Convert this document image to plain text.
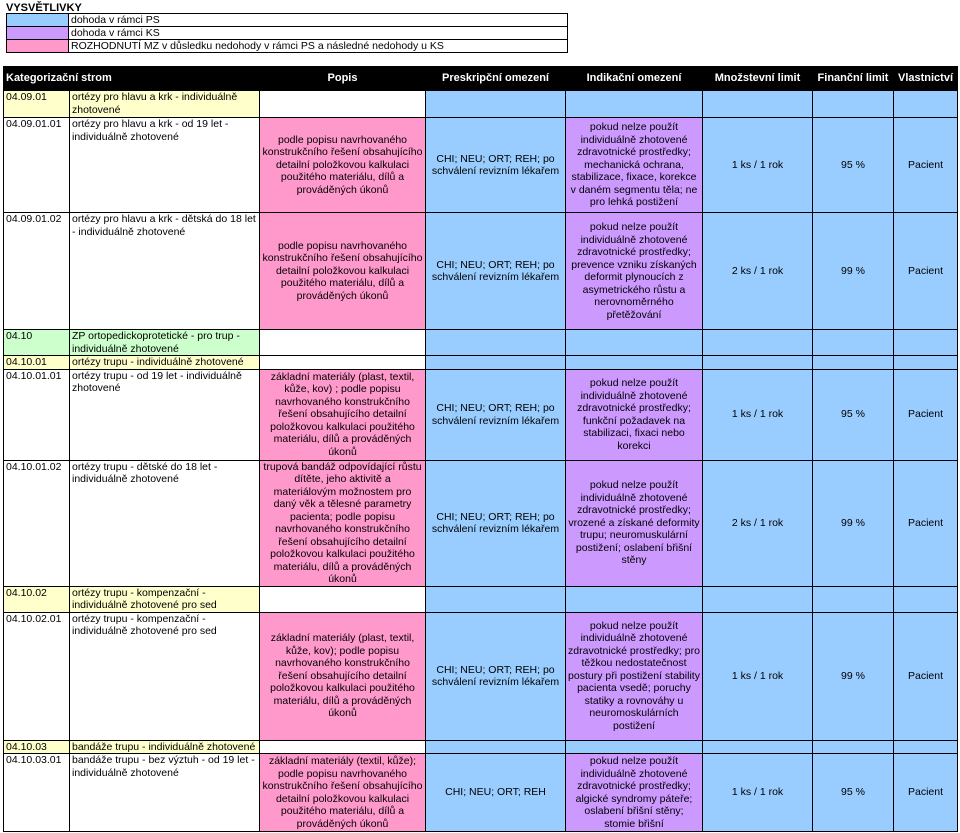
VYSVĚTLIVKY
	dohoda v rámci PS
	dohoda v rámci KS
	ROZHODNUTÍ MZ v důsledku nedohody v rámci PS a následné nedohody u KS
Kategorizační strom		Popis	Preskripční omezení	Indikační omezení	Množstevní limit	Finanční limit	Vlastnictví
04.09.01	ortézy pro hlavu a krk - individuálně zhotovené						
04.09.01.01	ortézy pro hlavu a krk - od 19 let - individuálně zhotovené	podle popisu navrhovaného konstrukčního řešení obsahujícího detailní položkovou kalkulaci použitého materiálu, dílů a prováděných úkonů	CHI; NEU; ORT; REH; po schválení revizním lékařem	pokud nelze použít individuálně zhotovené zdravotnické prostředky; mechanická ochrana, stabilizace, fixace, korekce v daném segmentu těla; ne pro lehká postižení	1 ks / 1 rok	95 %	Pacient
04.09.01.02	ortézy pro hlavu a krk - dětská do 18 let - individuálně zhotovené	podle popisu navrhovaného konstrukčního řešení obsahujícího detailní položkovou kalkulaci použitého materiálu, dílů a prováděných úkonů	CHI; NEU; ORT; REH; po schválení revizním lékařem	pokud nelze použít individuálně zhotovené zdravotnické prostředky; prevence vzniku získaných deformit plynoucích z asymetrického růstu a nerovnoměrného přetěžování	2 ks / 1 rok	99 %	Pacient
04.10	ZP ortopedickoprotetické - pro trup - individuálně zhotovené						
04.10.01	ortézy trupu - individuálně zhotovené						
04.10.01.01	ortézy trupu - od 19 let - individuálně zhotovené	základní materiály (plast, textil, kůže, kov) ; podle popisu navrhovaného konstrukčního řešení obsahujícího detailní položkovou kalkulaci použitého materiálu, dílů a prováděných úkonů	CHI; NEU; ORT; REH; po schválení revizním lékařem	pokud nelze použít individuálně zhotovené zdravotnické prostředky; funkční požadavek na stabilizaci, fixaci nebo korekci	1 ks / 1 rok	95 %	Pacient
04.10.01.02	ortézy trupu - dětské do 18 let - individuálně zhotovené	trupová bandáž odpovídající růstu dítěte, jeho aktivitě a materiálovým možnostem pro daný věk a tělesné parametry pacienta; podle popisu navrhovaného konstrukčního řešení obsahujícího detailní položkovou kalkulaci použitého materiálu, dílů a prováděných úkonů	CHI; NEU; ORT; REH; po schválení revizním lékařem	pokud nelze použít individuálně zhotovené zdravotnické prostředky; vrozené a získané deformity trupu; neuromuskulární postižení; oslabení břišní stěny	2 ks / 1 rok	99 %	Pacient
04.10.02	ortézy trupu - kompenzační - individuálně zhotovené pro sed						
04.10.02.01	ortézy trupu - kompenzační - individuálně zhotovené pro sed	základní materiály (plast, textil, kůže, kov); podle popisu navrhovaného konstrukčního řešení obsahujícího detailní položkovou kalkulaci použitého materiálu, dílů a prováděných úkonů	CHI; NEU; ORT; REH; po schválení revizním lékařem	pokud nelze použít individuálně zhotovené zdravotnické prostředky; pro těžkou nedostatečnost postury při postižení stability pacienta vsedě; poruchy statiky a rovnováhy u neuromoskulárních postižení	1 ks / 1 rok	99 %	Pacient
04.10.03	bandáže trupu - individuálně zhotovené						
04.10.03.01	bandáže trupu - bez výztuh - od 19 let - individuálně zhotovené	základní materiály (textil, kůže); podle popisu navrhovaného konstrukčního řešení obsahujícího detailní položkovou kalkulaci použitého materiálu, dílů a prováděných úkonů	CHI; NEU; ORT; REH	pokud nelze použít individuálně zhotovené zdravotnické prostředky; algické syndromy páteře; oslabení břišní stěny; stomie břišní	1 ks / 1 rok	95 %	Pacient
